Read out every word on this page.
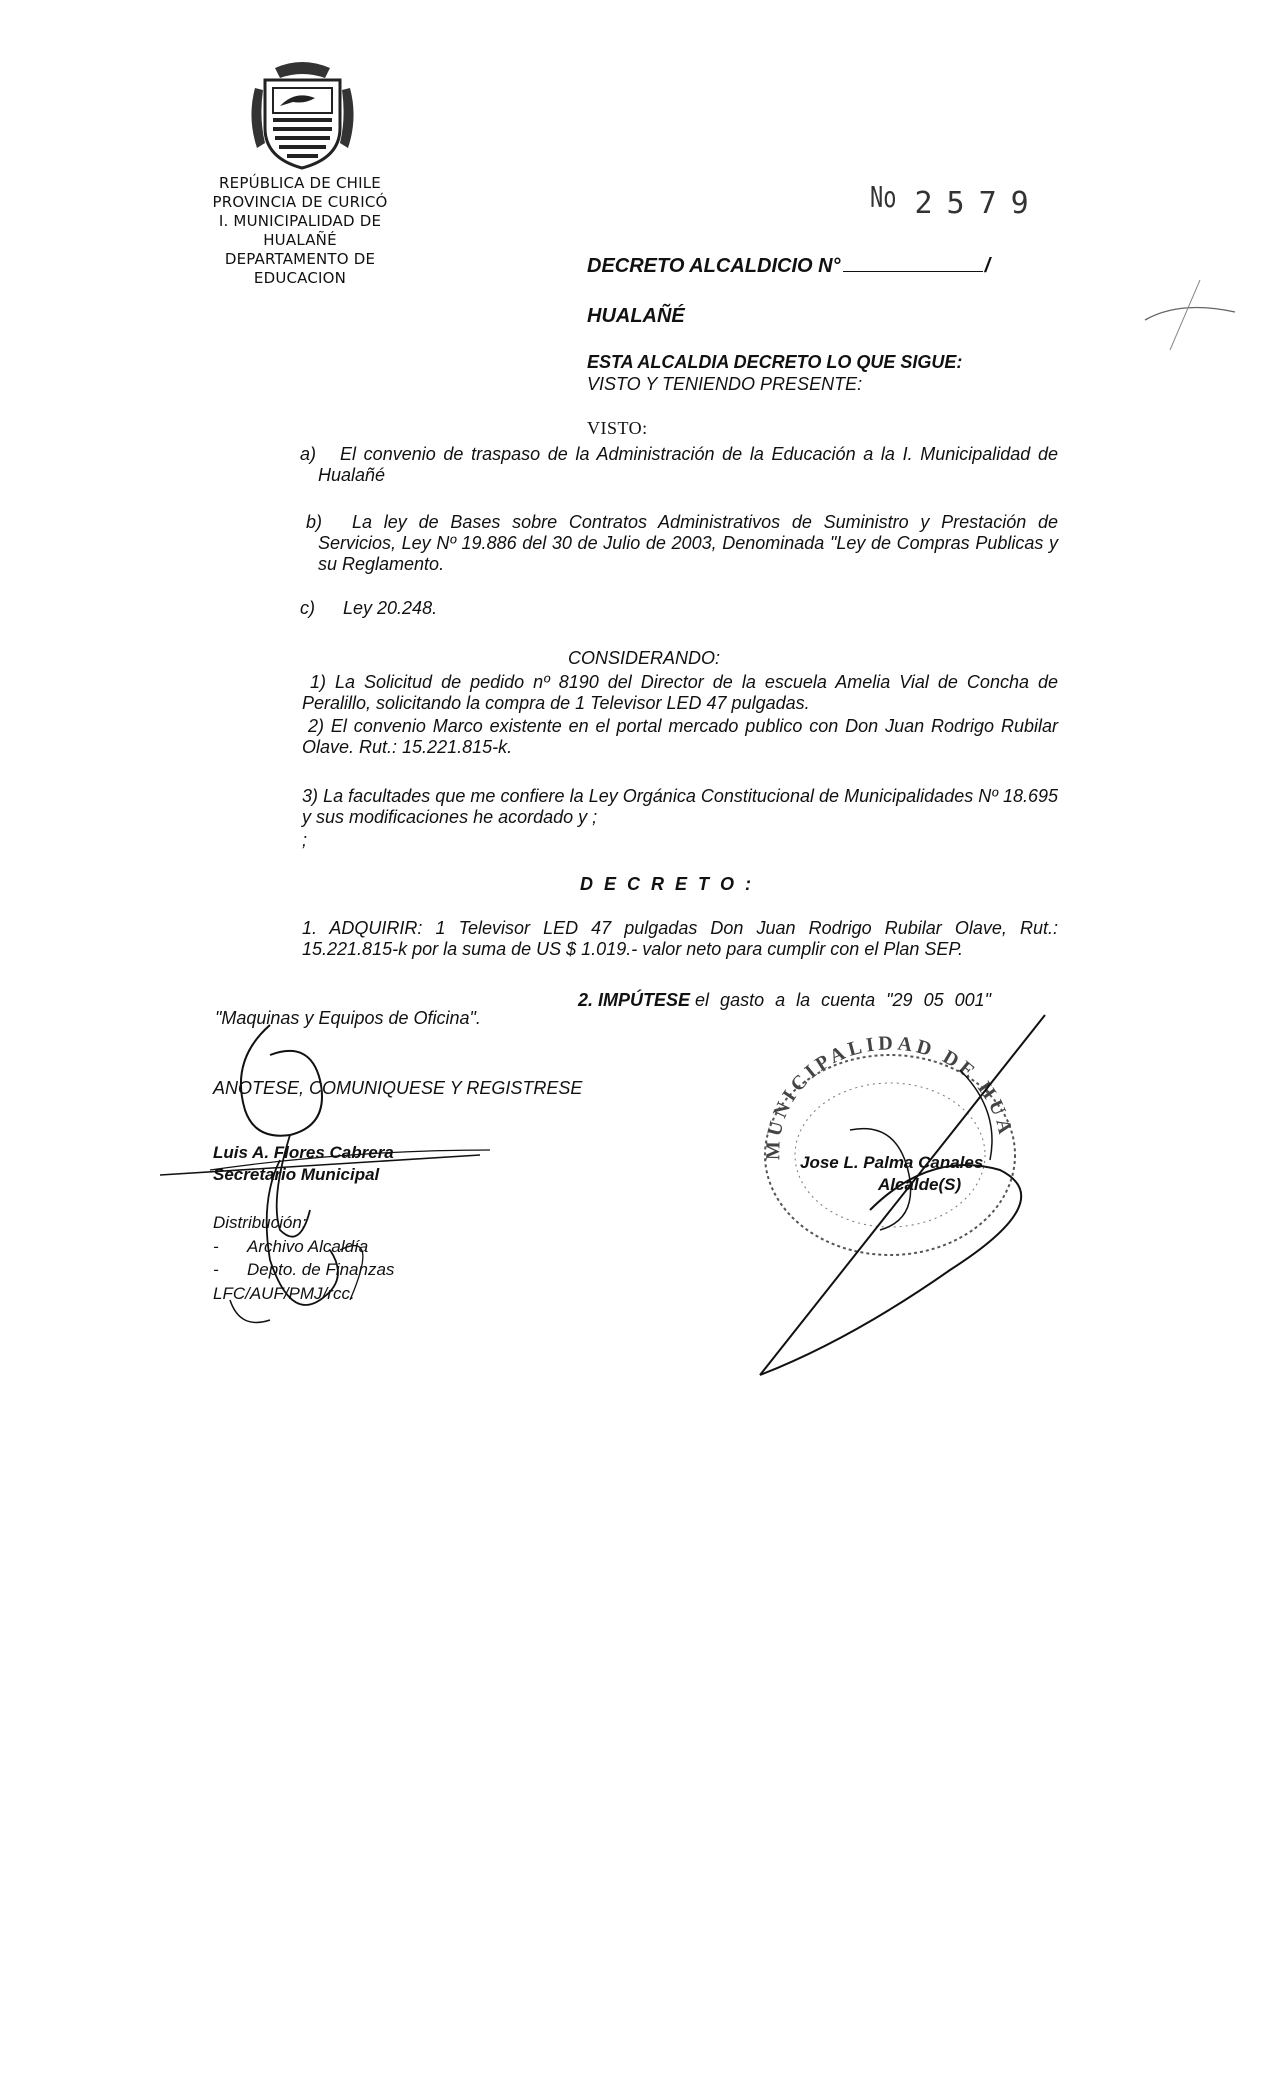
REPÚBLICA DE CHILE
PROVINCIA DE CURICÓ
I. MUNICIPALIDAD DE HUALAÑÉ
DEPARTAMENTO DE EDUCACION
No 2579
DECRETO ALCALDICIO N°	/
HUALAÑÉ
ESTA ALCALDIA DECRETO LO QUE SIGUE:
VISTO Y TENIENDO PRESENTE:
VISTO:
a) El convenio de traspaso de la Administración de la Educación a la I. Municipalidad de Hualañé
b) La ley de Bases sobre Contratos Administrativos de Suministro y Prestación de Servicios, Ley Nº 19.886 del 30 de Julio de 2003, Denominada "Ley de Compras Publicas y su Reglamento.
c) Ley 20.248.
CONSIDERANDO:
1) La Solicitud de pedido nº 8190 del Director de la escuela Amelia Vial de Concha de Peralillo, solicitando la compra de 1 Televisor LED 47 pulgadas.
2) El convenio Marco existente en el portal mercado publico con Don Juan Rodrigo Rubilar Olave. Rut.: 15.221.815-k.
3) La facultades que me confiere la Ley Orgánica Constitucional de Municipalidades Nº 18.695 y sus modificaciones he acordado y ;
;
D E C R E T O :
1. ADQUIRIR: 1 Televisor LED 47 pulgadas Don Juan Rodrigo Rubilar Olave, Rut.: 15.221.815-k por la suma de US $ 1.019.- valor neto para cumplir con el Plan SEP.
2. IMPÚTESE el gasto a la cuenta "29 05 001"
"Maquinas y Equipos de Oficina".
ANOTESE, COMUNIQUESE Y REGISTRESE
Luis A. Flores Cabrera
Secretario Municipal
Distribución:
- Archivo Alcaldía
- Depto. de Finanzas
LFC/AUF/PMJ/rcc.
Jose L. Palma Canales
Alcalde(S)
MUNICIPALIDAD DE HUALAÑÉ
